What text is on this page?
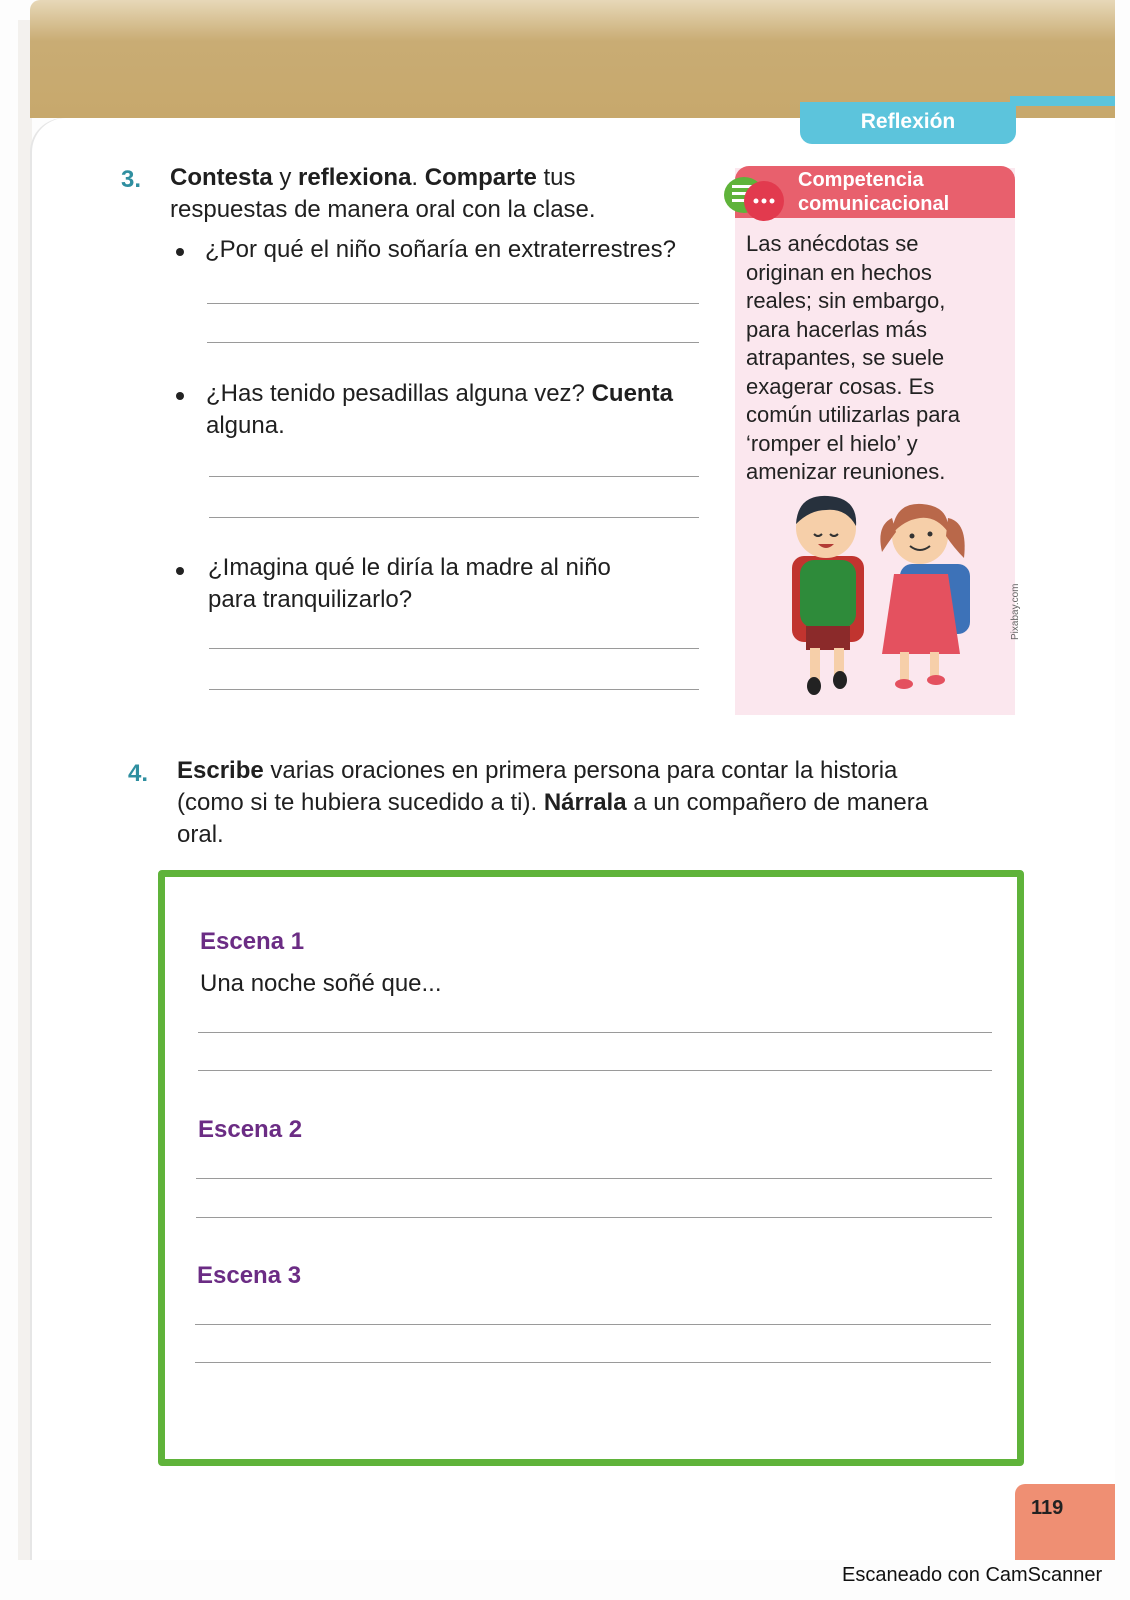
Reflexión
3. Contesta y reflexiona. Comparte tus
respuestas de manera oral con la clase.
¿Por qué el niño soñaría en extraterrestres?
¿Has tenido pesadillas alguna vez? Cuenta
alguna.
¿Imagina qué le diría la madre al niño
para tranquilizarlo?
Competencia
comunicacional
Las anécdotas se
originan en hechos
reales; sin embargo,
para hacerlas más
atrapantes, se suele
exagerar cosas. Es
común utilizarlas para
‘romper el hielo’ y
amenizar reuniones.
Pixabay.com
4. Escribe varias oraciones en primera persona para contar la historia
(como si te hubiera sucedido a ti). Nárrala a un compañero de manera
oral.
Escena 1
Una noche soñé que...
Escena 2
Escena 3
119
Escaneado con CamScanner
